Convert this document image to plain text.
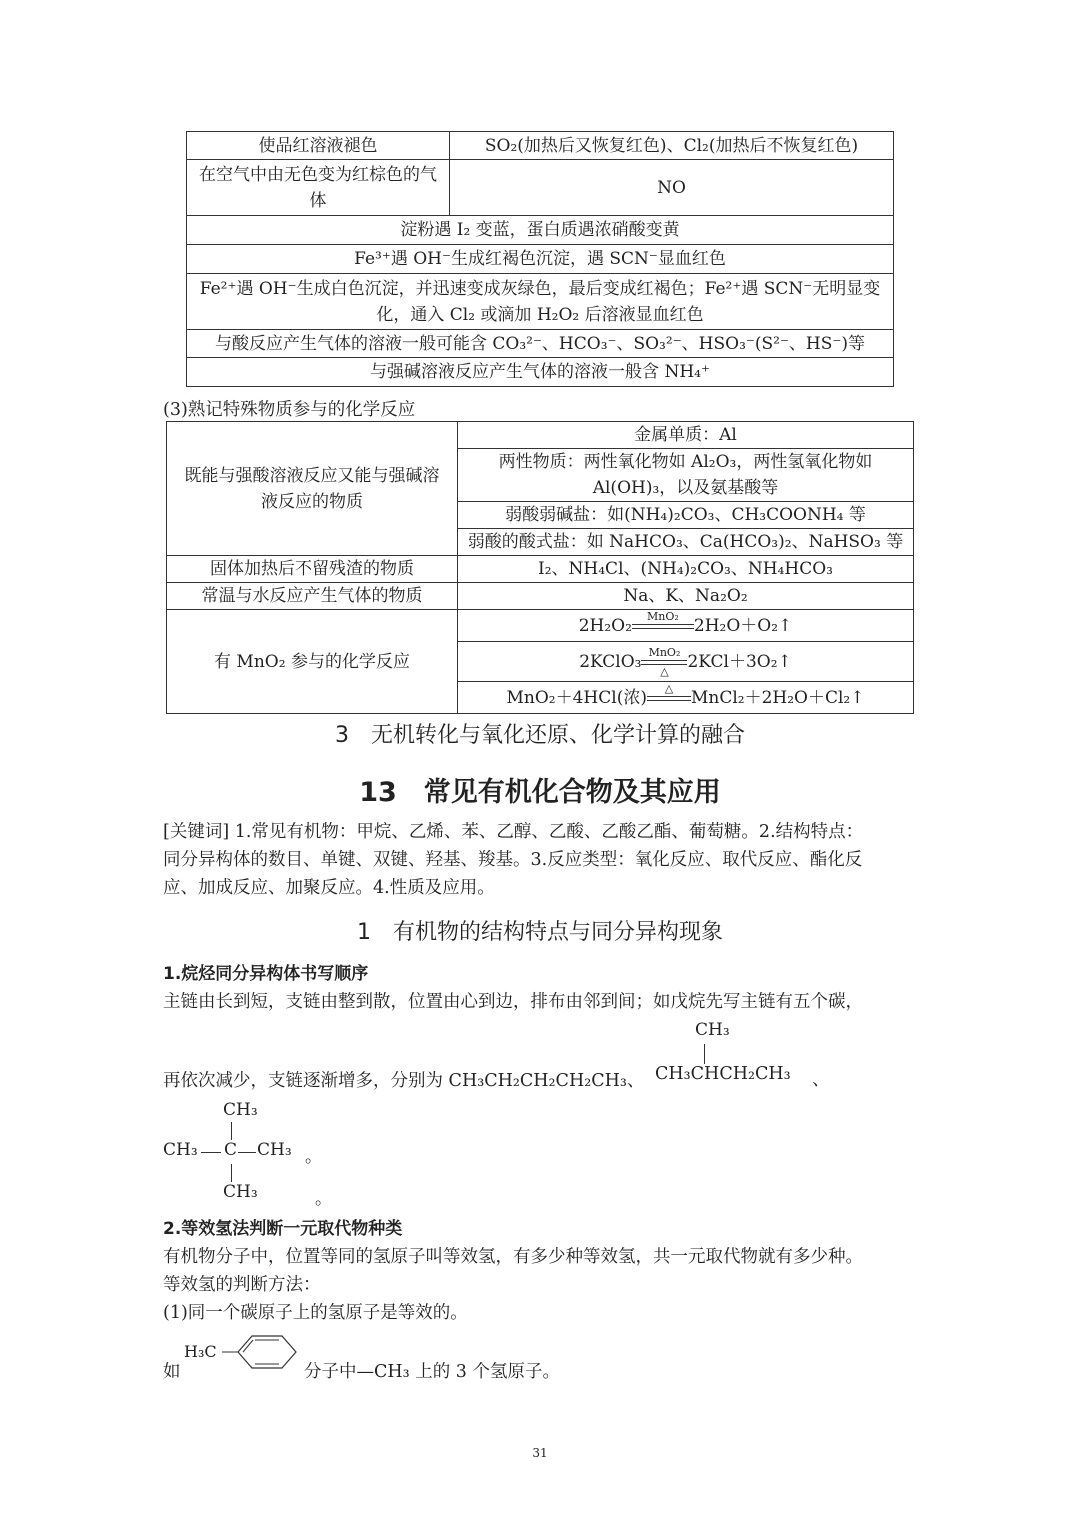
使品红溶液褪色	SO₂(加热后又恢复红色)、Cl₂(加热后不恢复红色)
在空气中由无色变为红棕色的气体	NO
淀粉遇 I₂ 变蓝，蛋白质遇浓硝酸变黄	
Fe³⁺遇 OH⁻生成红褐色沉淀，遇 SCN⁻显血红色	
Fe²⁺遇 OH⁻生成白色沉淀，并迅速变成灰绿色，最后变成红褐色；Fe²⁺遇 SCN⁻无明显变化，通入 Cl₂ 或滴加 H₂O₂ 后溶液显血红色	
与酸反应产生气体的溶液一般可能含 CO₃²⁻、HCO₃⁻、SO₃²⁻、HSO₃⁻(S²⁻、HS⁻)等	
与强碱溶液反应产生气体的溶液一般含 NH₄⁺	
(3)熟记特殊物质参与的化学反应
既能与强酸溶液反应又能与强碱溶液反应的物质	金属单质：Al
	两性物质：两性氧化物如 Al₂O₃，两性氢氧化物如 Al(OH)₃，以及氨基酸等
	弱酸弱碱盐：如(NH₄)₂CO₃、CH₃COONH₄ 等
	弱酸的酸式盐：如 NaHCO₃、Ca(HCO₃)₂、NaHSO₃ 等
固体加热后不留残渣的物质	I₂、NH₄Cl、(NH₄)₂CO₃、NH₄HCO₃
常温与水反应产生气体的物质	Na、K、Na₂O₂
有 MnO₂ 参与的化学反应	2H₂O₂ MnO₂ 2H₂O＋O₂↑
	2KClO₃ MnO₂
△ 2KCl＋3O₂↑
	MnO₂＋4HCl(浓) △ MnCl₂＋2H₂O＋Cl₂↑
3　无机转化与氧化还原、化学计算的融合
13　常见有机化合物及其应用
[关键词] 1.常见有机物：甲烷、乙烯、苯、乙醇、乙酸、乙酸乙酯、葡萄糖。2.结构特点：
同分异构体的数目、单键、双键、羟基、羧基。3.反应类型：氧化反应、取代反应、酯化反
应、加成反应、加聚反应。4.性质及应用。
1　有机物的结构特点与同分异构现象
1.烷烃同分异构体书写顺序
主链由长到短，支链由整到散，位置由心到边，排布由邻到间；如戊烷先写主链有五个碳，
CH₃
CH₃CHCH₂CH₃ 、
再依次减少，支链逐渐增多，分别为 CH₃CH₂CH₂CH₂CH₃、
CH₃
CH₃ C CH₃
CH₃
。
。
2.等效氢法判断一元取代物种类
有机物分子中，位置等同的氢原子叫等效氢，有多少种等效氢，共一元取代物就有多少种。
等效氢的判断方法：
(1)同一个碳原子上的氢原子是等效的。
如
H₃C
分子中—CH₃ 上的 3 个氢原子。
31
